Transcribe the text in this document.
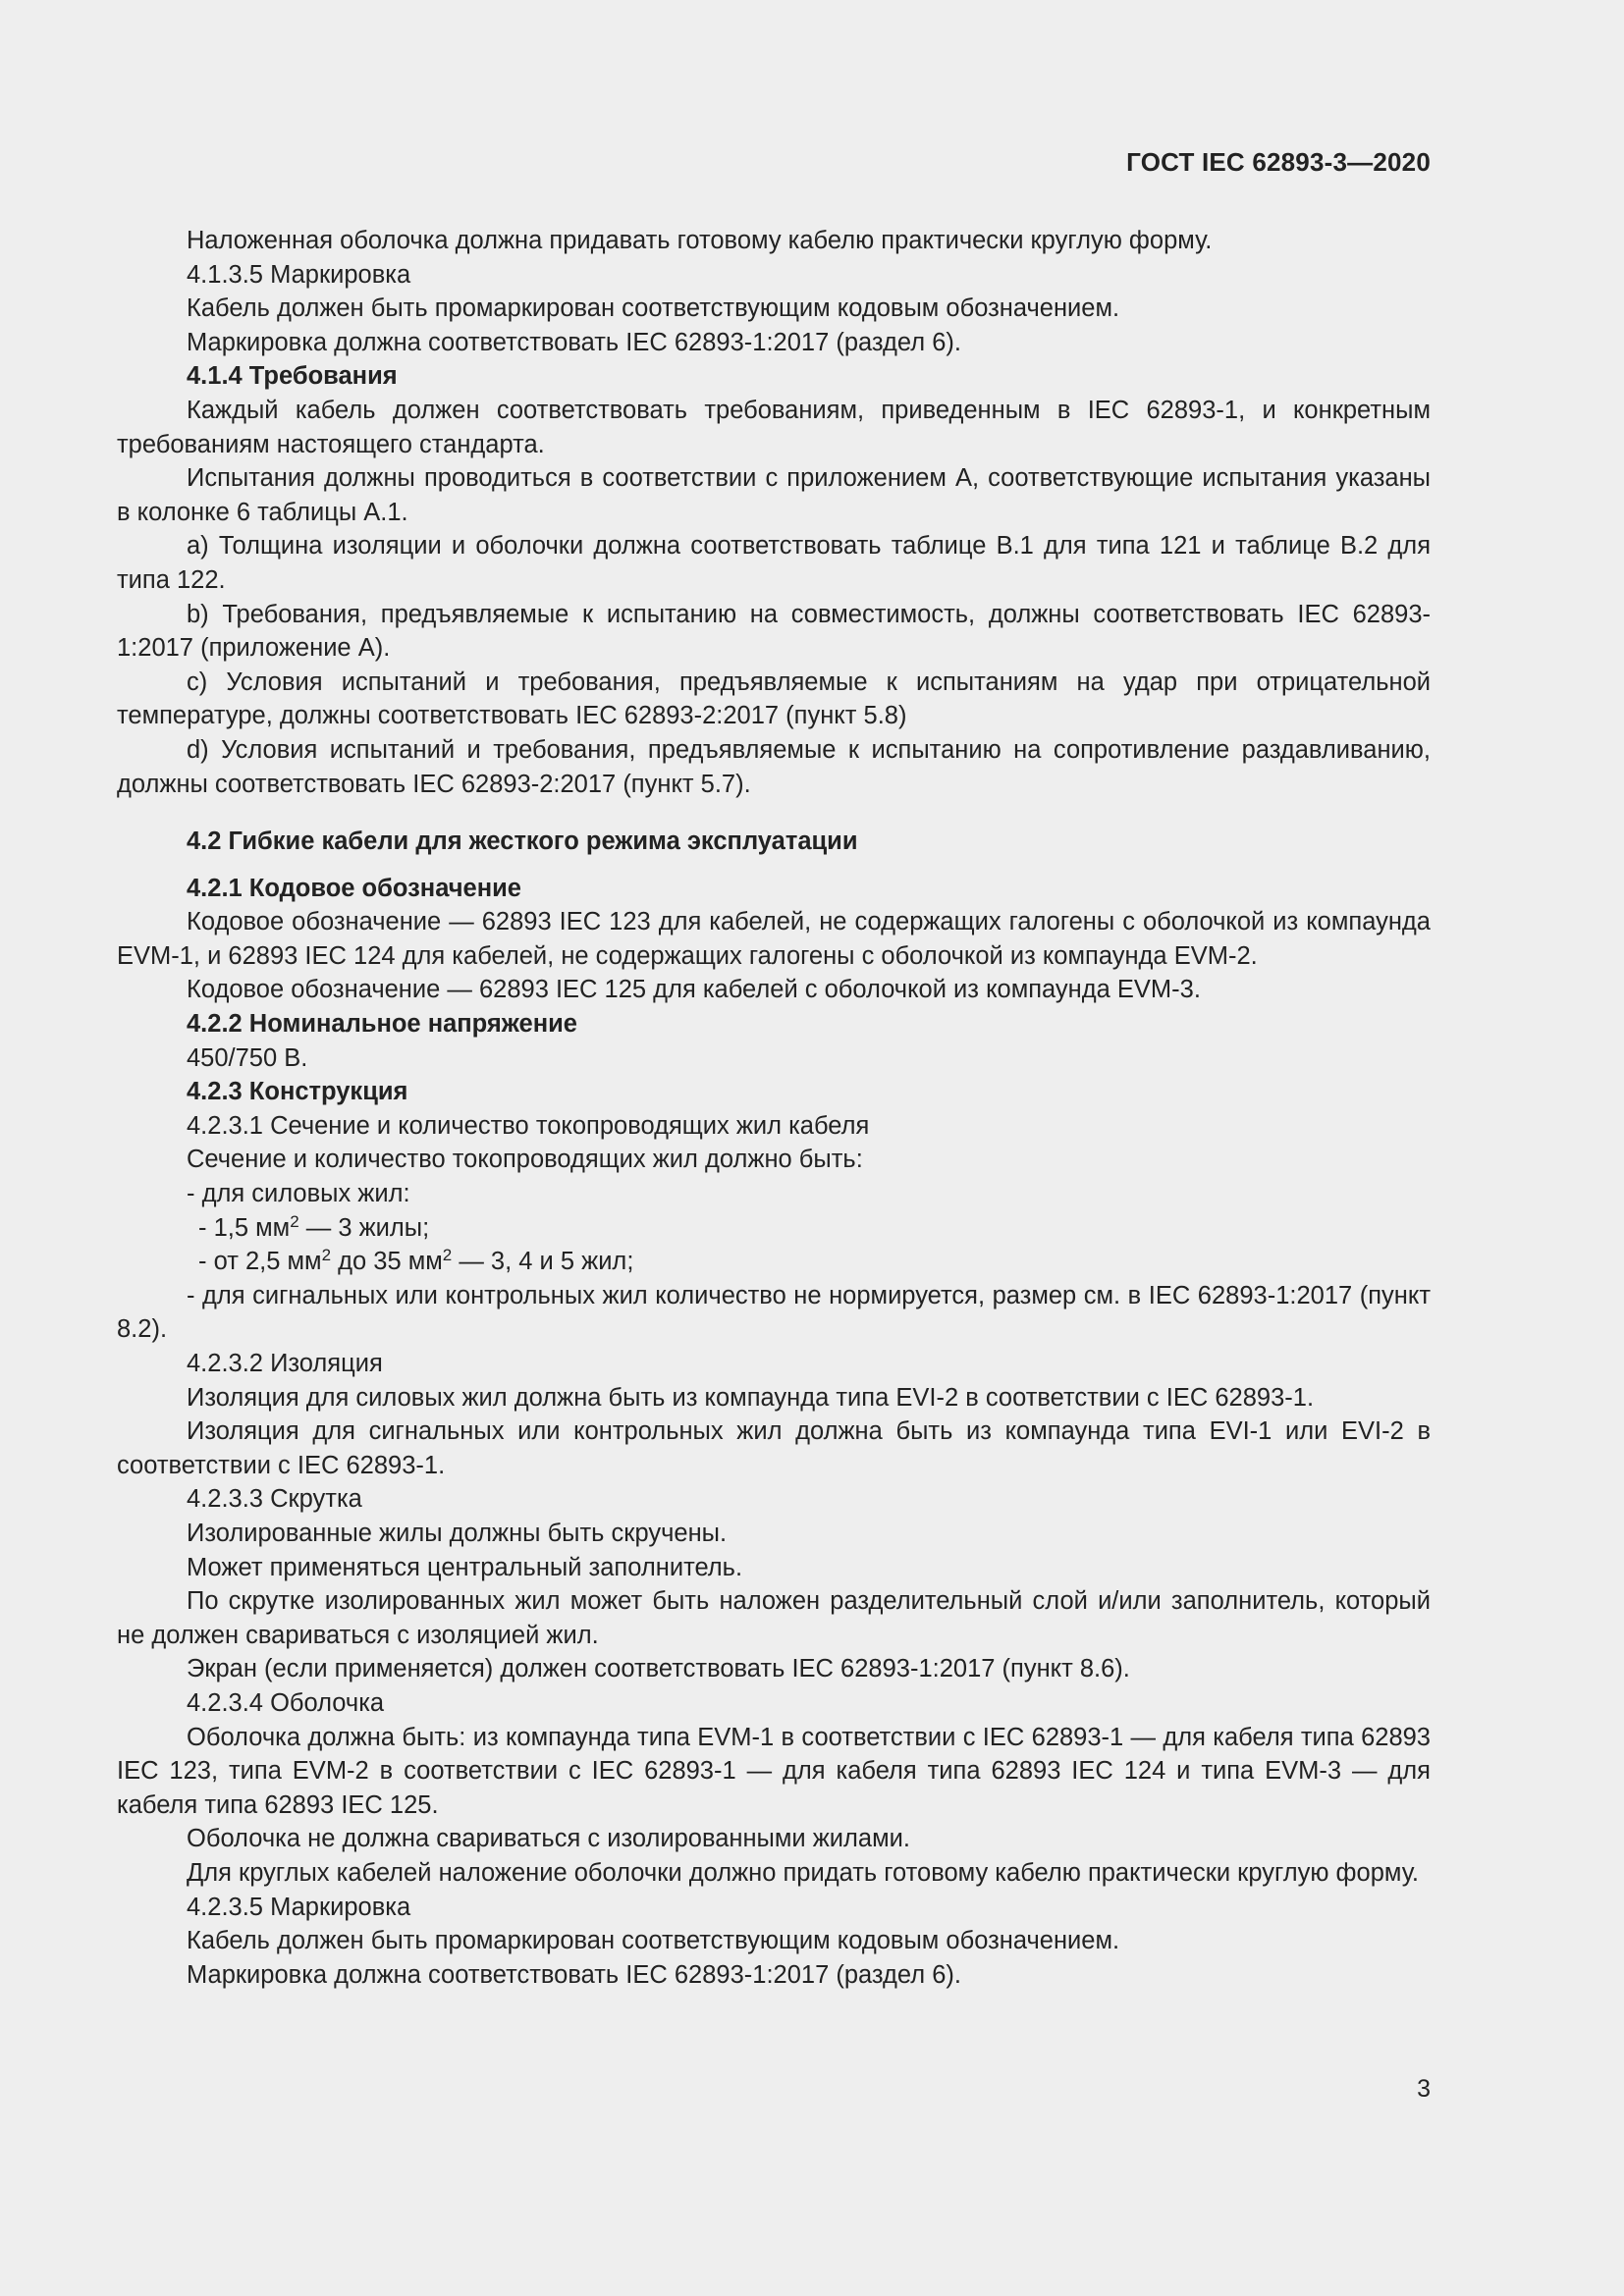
ГОСТ IEC 62893-3—2020

Наложенная оболочка должна придавать готовому кабелю практически круглую форму.

4.1.3.5 Маркировка

Кабель должен быть промаркирован соответствующим кодовым обозначением.

Маркировка должна соответствовать IEC 62893-1:2017 (раздел 6).

4.1.4 Требования

Каждый кабель должен соответствовать требованиям, приведенным в IEC 62893-1, и конкретным требованиям настоящего стандарта.

Испытания должны проводиться в соответствии с приложением А, соответствующие испытания указаны в колонке 6 таблицы А.1.

a) Толщина изоляции и оболочки должна соответствовать таблице B.1 для типа 121 и таблице B.2 для типа 122.

b) Требования, предъявляемые к испытанию на совместимость, должны соответствовать IEC 62893-1:2017 (приложение A).

c) Условия испытаний и требования, предъявляемые к испытаниям на удар при отрицательной температуре, должны соответствовать IEC 62893-2:2017 (пункт 5.8)

d) Условия испытаний и требования, предъявляемые к испытанию на сопротивление раздавливанию, должны соответствовать IEC 62893-2:2017 (пункт 5.7).

4.2 Гибкие кабели для жесткого режима эксплуатации

4.2.1 Кодовое обозначение

Кодовое обозначение — 62893 IEC 123 для кабелей, не содержащих галогены с оболочкой из компаунда EVM-1, и 62893 IEC 124 для кабелей, не содержащих галогены с оболочкой из компаунда EVM-2.

Кодовое обозначение — 62893 IEC 125 для кабелей с оболочкой из компаунда EVM-3.

4.2.2 Номинальное напряжение

450/750 В.

4.2.3 Конструкция

4.2.3.1 Сечение и количество токопроводящих жил кабеля

Сечение и количество токопроводящих жил должно быть:

- для силовых жил:

- 1,5 $мм^2$ — 3 жилы;

- от 2,5 $мм^2$ до 35 $мм^2$ — 3, 4 и 5 жил;

- для сигнальных или контрольных жил количество не нормируется, размер см. в IEC 62893-1:2017 (пункт 8.2).

4.2.3.2 Изоляция

Изоляция для силовых жил должна быть из компаунда типа EVI-2 в соответствии с IEC 62893-1.

Изоляция для сигнальных или контрольных жил должна быть из компаунда типа EVI-1 или EVI-2 в соответствии с IEC 62893-1.

4.2.3.3 Скрутка

Изолированные жилы должны быть скручены.

Может применяться центральный заполнитель.

По скрутке изолированных жил может быть наложен разделительный слой и/или заполнитель, который не должен свариваться с изоляцией жил.

Экран (если применяется) должен соответствовать IEC 62893-1:2017 (пункт 8.6).

4.2.3.4 Оболочка

Оболочка должна быть: из компаунда типа EVM-1 в соответствии с IEC 62893-1 — для кабеля типа 62893 IEC 123, типа EVM-2 в соответствии с IEC 62893-1 — для кабеля типа 62893 IEC 124 и типа EVM-3 — для кабеля типа 62893 IEC 125.

Оболочка не должна свариваться с изолированными жилами.

Для круглых кабелей наложение оболочки должно придать готовому кабелю практически круглую форму.

4.2.3.5 Маркировка

Кабель должен быть промаркирован соответствующим кодовым обозначением.

Маркировка должна соответствовать IEC 62893-1:2017 (раздел 6).

3
